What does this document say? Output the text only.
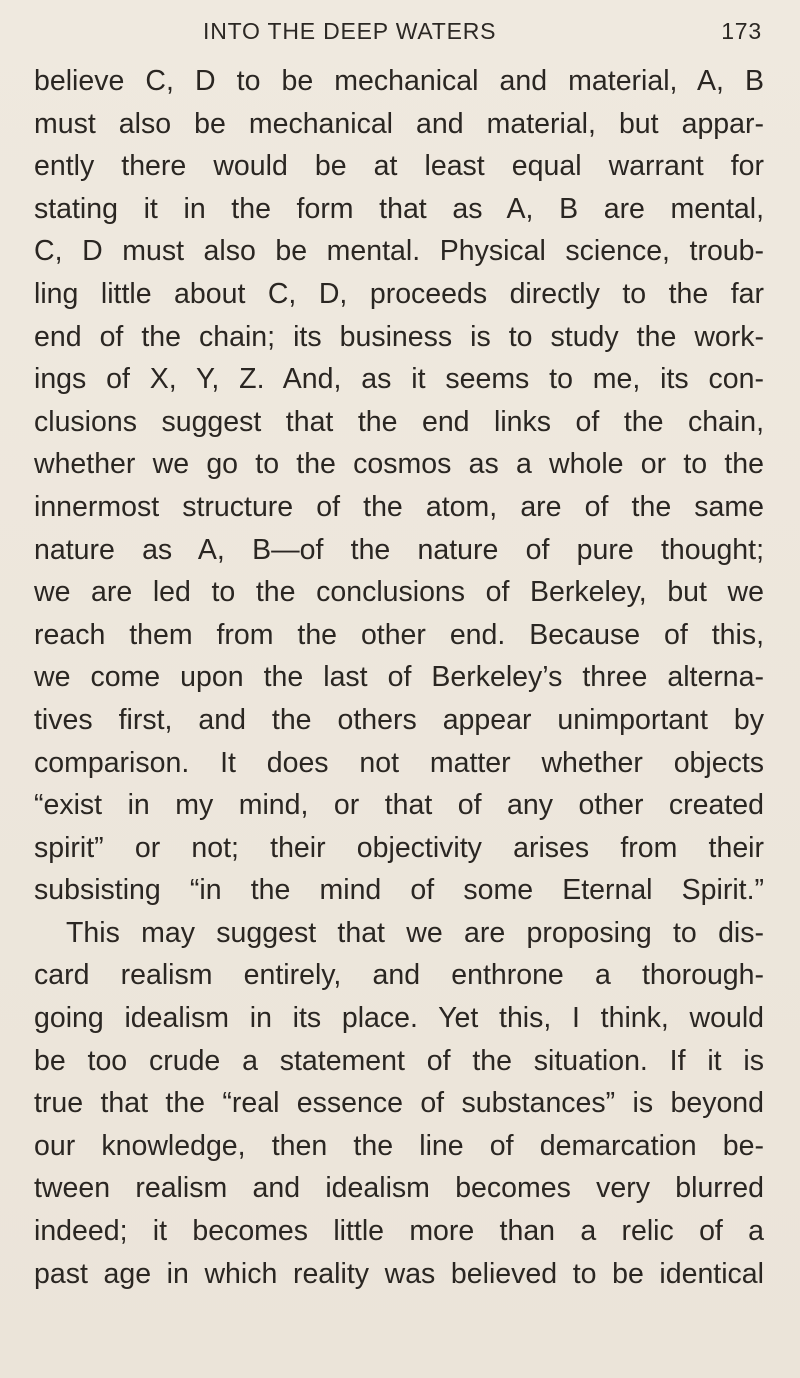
INTO THE DEEP WATERS	173
believe C, D to be mechanical and material, A, B
must also be mechanical and material, but appar-
ently there would be at least equal warrant for
stating it in the form that as A, B are mental,
C, D must also be mental. Physical science, troub-
ling little about C, D, proceeds directly to the far
end of the chain; its business is to study the work-
ings of X, Y, Z. And, as it seems to me, its con-
clusions suggest that the end links of the chain,
whether we go to the cosmos as a whole or to the
innermost structure of the atom, are of the same
nature as A, B—of the nature of pure thought;
we are led to the conclusions of Berkeley, but we
reach them from the other end. Because of this,
we come upon the last of Berkeley’s three alterna-
tives first, and the others appear unimportant by
comparison. It does not matter whether objects
“exist in my mind, or that of any other created
spirit” or not; their objectivity arises from their
subsisting “in the mind of some Eternal Spirit.”
This may suggest that we are proposing to dis-
card realism entirely, and enthrone a thorough-
going idealism in its place. Yet this, I think, would
be too crude a statement of the situation. If it is
true that the “real essence of substances” is beyond
our knowledge, then the line of demarcation be-
tween realism and idealism becomes very blurred
indeed; it becomes little more than a relic of a
past age in which reality was believed to be identical
